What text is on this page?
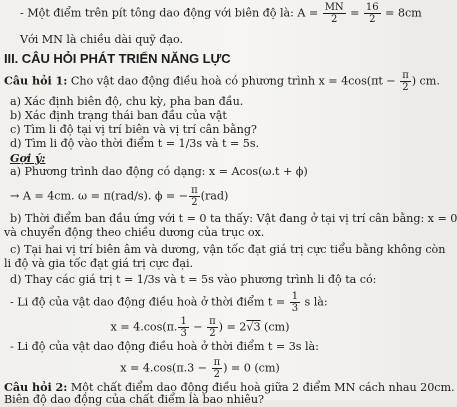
- Một điểm trên pít tông dao động với biên độ là: $A = \frac{MN}{2} = \frac{16}{2} = 8cm$
Với MN là chiều dài quỹ đạo.
III. CÂU HỎI PHÁT TRIỂN NĂNG LỰC
Câu hỏi 1: Cho vật dao động điều hoà có phương trình $x = 4\cos(\pi t - \frac{\pi}{2}$ ) cm.
a) Xác định biên độ, chu kỳ, pha ban đầu.
b) Xác định trạng thái ban đầu của vật
c) Tìm li độ tại vị trí biên và vị trí cân bằng?
d) Tìm li độ vào thời điểm t = 1/3s và t = 5s.
Gợi ý:
a) Phương trình dao động có dạng: x = Acos(ω.t + ϕ)
→ A = 4cm. ω = π(rad/s). ϕ = − $\frac{\pi}{2} (rad)$
b) Thời điểm ban đầu ứng với t = 0 ta thấy: Vật đang ở tại vị trí cân bằng: x = 0
và chuyển động theo chiều dương của trục ox.
c) Tại hai vị trí biên âm và dương, vận tốc đạt giá trị cực tiểu bằng không còn
li độ và gia tốc đạt giá trị cực đại.
d) Thay các giá trị t = 1/3s và t = 5s vào phương trình li độ ta có:
- Li độ của vật dao động điều hoà ở thời điểm $t = \frac{1}{3}$ s là:
x = 4.cos(π. $\frac{1}{3} - \frac{\pi}{2}$ ) = 2√3 (cm)
- Li độ của vật dao động điều hoà ở thời điểm t = 3s là:
$x = 4.\cos(\pi.3 - \frac{\pi}{2}$ ) = 0 (cm)
Câu hỏi 2: Một chất điểm dao động điều hoà giữa 2 điểm MN cách nhau 20cm.
Biên độ dao động của chất điểm là bao nhiêu?
